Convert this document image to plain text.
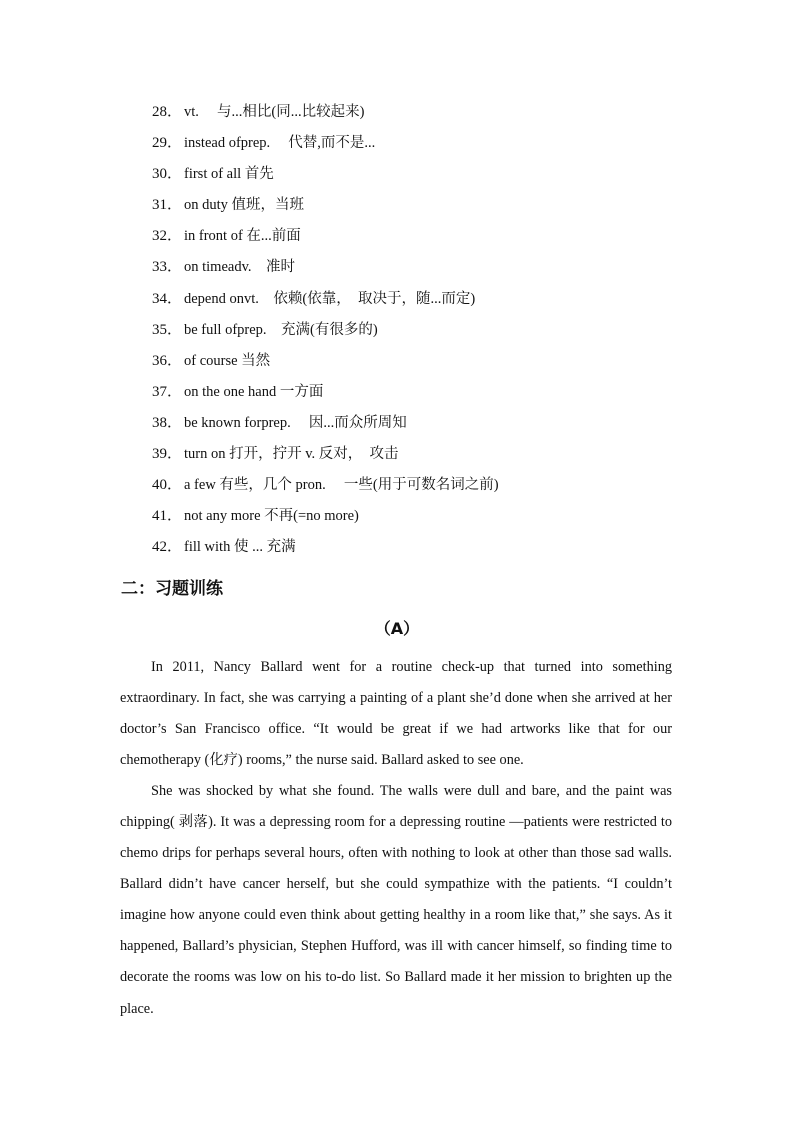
28． vt.　 与...相比(同...比较起来)
29． instead ofprep.　 代替,而不是...
30． first of all 首先
31． on duty 值班，当班
32． in front of 在...前面
33． on timeadv.　准时
34． depend onvt.　依赖(依靠，　取决于，随...而定)
35． be full ofprep.　充满(有很多的)
36． of course 当然
37． on the one hand 一方面
38． be known forprep.　 因...而众所周知
39． turn on 打开，拧开 v. 反对，　攻击
40． a few 有些，几个 pron.　 一些(用于可数名词之前)
41． not any more 不再(=no more)
42． fill with 使 ... 充满
二：习题训练
（A）

In 2011, Nancy Ballard went for a routine check-up that turned into something extraordinary. In fact, she was carrying a painting of a plant she’d done when she arrived at her doctor’s San Francisco office. “It would be great if we had artworks like that for our chemotherapy (化疗) rooms,” the nurse said. Ballard asked to see one.

She was shocked by what she found. The walls were dull and bare, and the paint was chipping( 剥落). It was a depressing room for a depressing routine —patients were restricted to chemo drips for perhaps several hours, often with nothing to look at other than those sad walls. Ballard didn’t have cancer herself, but she could sympathize with the patients. “I couldn’t imagine how anyone could even think about getting healthy in a room like that,” she says. As it happened, Ballard’s physician, Stephen Hufford, was ill with cancer himself, so finding time to decorate the rooms was low on his to-do list. So Ballard made it her mission to brighten up the place.
